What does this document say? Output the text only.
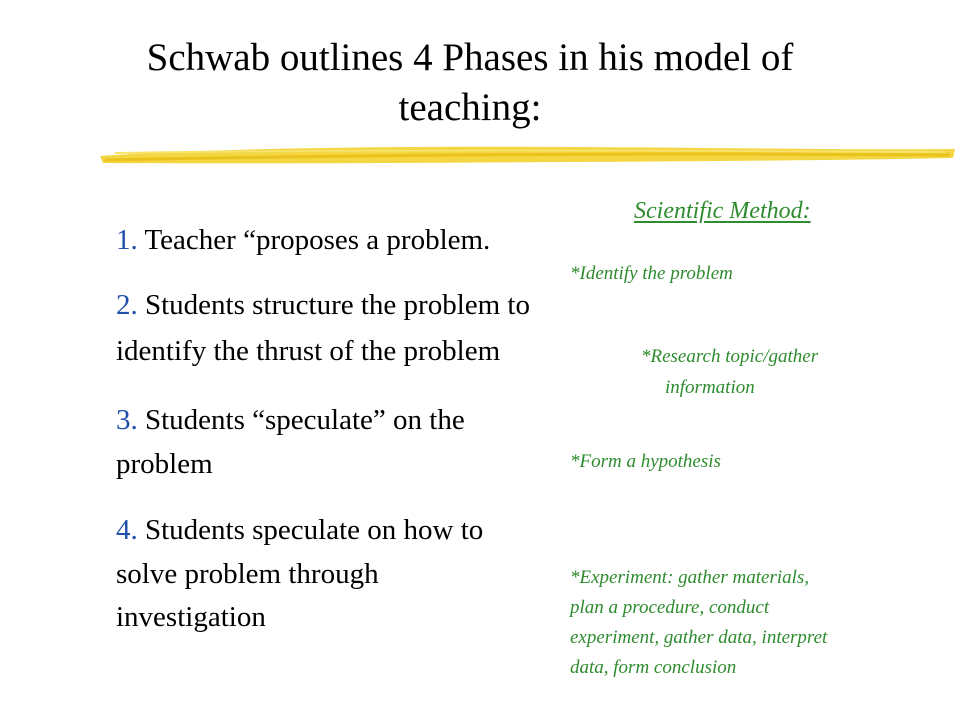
Schwab outlines 4 Phases in his model of
teaching:
1. Teacher “proposes a problem.
2. Students structure the problem to
identify the thrust of the problem
3. Students “speculate” on the
problem
4. Students speculate on how to
solve problem through
investigation
Scientific Method:
*Identify the problem
*Research topic/gather
information
*Form a hypothesis
*Experiment: gather materials,
plan a procedure, conduct
experiment, gather data, interpret
data, form conclusion
